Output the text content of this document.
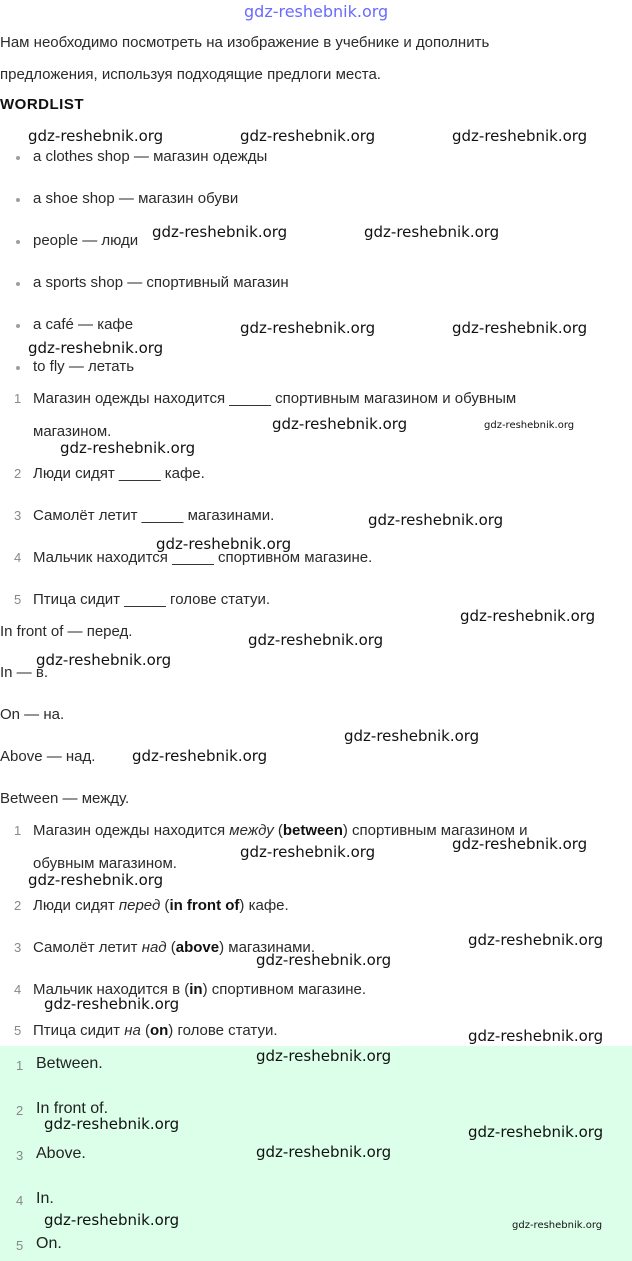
gdz-reshebnik.org
Нам необходимо посмотреть на изображение в учебнике и дополнить
предложения, используя подходящие предлоги места.
WORDLIST
a clothes shop — магазин одежды
a shoe shop — магазин обуви
people — люди
a sports shop — спортивный магазин
a café — кафе
to fly — летать
1 Магазин одежды находится _____ спортивным магазином и обувным
магазином.
2 Люди сидят _____ кафе.
3 Самолёт летит _____ магазинами.
4 Мальчик находится _____ спортивном магазине.
5 Птица сидит _____ голове статуи.
In front of — перед.
In — в.
On — на.
Above — над.
Between — между.
1 Магазин одежды находится между (between) спортивным магазином и
обувным магазином.
2 Люди сидят перед (in front of) кафе.
3 Самолёт летит над (above) магазинами.
4 Мальчик находится в (in) спортивном магазине.
5 Птица сидит на (on) голове статуи.
1 Between.
2 In front of.
3 Above.
4 In.
5 On.
gdz-reshebnik.org	gdz-reshebnik.org	gdz-reshebnik.org
gdz-reshebnik.org	gdz-reshebnik.org
gdz-reshebnik.org	gdz-reshebnik.org
gdz-reshebnik.org
gdz-reshebnik.org	gdz-reshebnik.org
gdz-reshebnik.org
gdz-reshebnik.org
gdz-reshebnik.org
gdz-reshebnik.org
gdz-reshebnik.org
gdz-reshebnik.org
gdz-reshebnik.org
gdz-reshebnik.org
gdz-reshebnik.org
gdz-reshebnik.org
gdz-reshebnik.org
gdz-reshebnik.org
gdz-reshebnik.org
gdz-reshebnik.org
gdz-reshebnik.org
gdz-reshebnik.org
gdz-reshebnik.org	gdz-reshebnik.org
gdz-reshebnik.org
gdz-reshebnik.org	gdz-reshebnik.org
